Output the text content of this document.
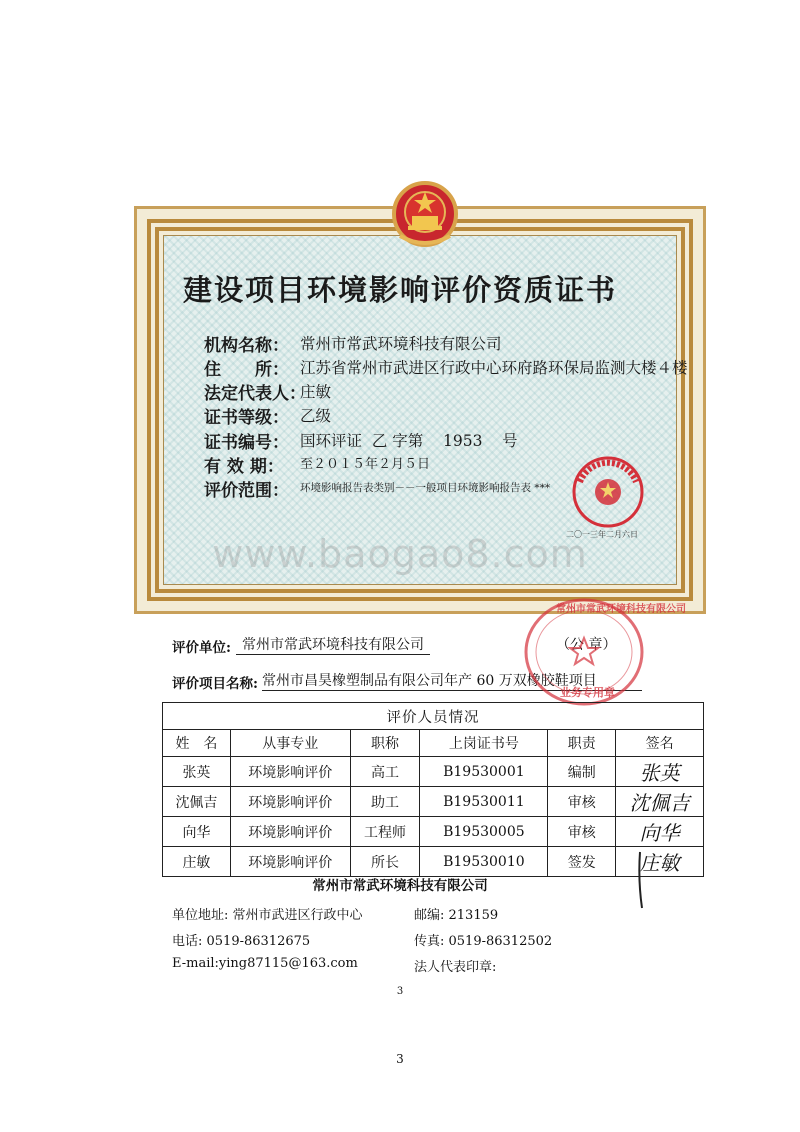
建设项目环境影响评价资质证书
机构名称： 常州市常武环境科技有限公司
住　　所： 江苏省常州市武进区行政中心环府路环保局监测大楼４楼
法定代表人：
庄敏
证书等级： 乙级
证书编号： 国环评证  乙 字第    1953    号
有 效 期：	至２０１５年２月５日
评价范围：	环境影响报告表类别－－一般项目环境影响报告表 ***
二〇一三年二月六日
www.baogao8.com
评价单位: 常州市常武环境科技有限公司	（公 章）
评价项目名称: 常州市昌昊橡塑制品有限公司年产 60 万双橡胶鞋项目
常州市常武环境科技有限公司
业务专用章
评价人员情况					
姓　名	从事专业	职称	上岗证书号	职责	签名
张英	环境影响评价	高工	B19530001	编制	张英
沈佩吉	环境影响评价	助工	B19530011	审核	沈佩吉
向华	环境影响评价	工程师	B19530005	审核	向华
庄敏	环境影响评价	所长	B19530010	签发	庄敏
常州市常武环境科技有限公司
单位地址: 常州市武进区行政中心	邮编: 213159
电话: 0519-86312675	传真: 0519-86312502
E-mail:ying87115@163.com	法人代表印章:
3
3
